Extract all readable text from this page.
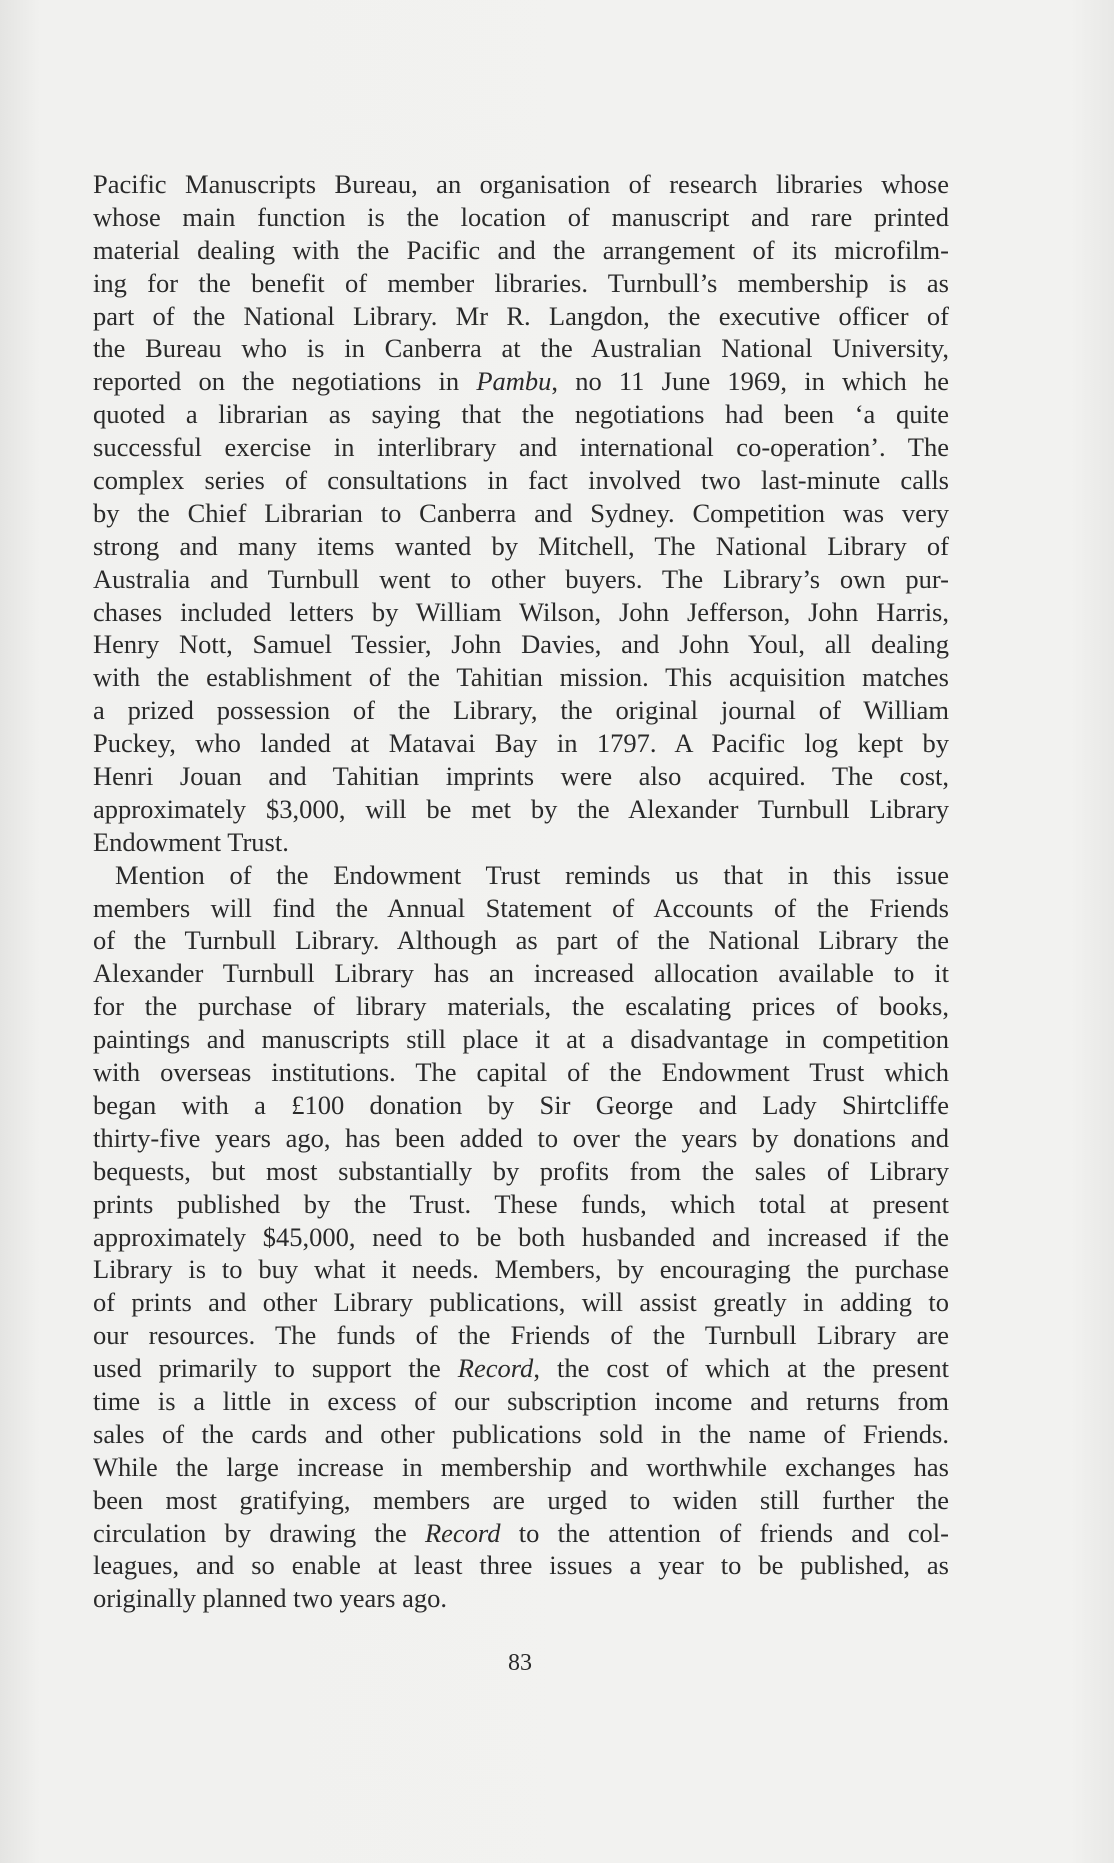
Pacific Manuscripts Bureau, an organisation of research libraries whose
whose main function is the location of manuscript and rare printed
material dealing with the Pacific and the arrangement of its microfilm-
ing for the benefit of member libraries. Turnbull’s membership is as
part of the National Library. Mr R. Langdon, the executive officer of
the Bureau who is in Canberra at the Australian National University,
reported on the negotiations in Pambu, no 11 June 1969, in which he
quoted a librarian as saying that the negotiations had been ‘a quite
successful exercise in interlibrary and international co-operation’. The
complex series of consultations in fact involved two last-minute calls
by the Chief Librarian to Canberra and Sydney. Competition was very
strong and many items wanted by Mitchell, The National Library of
Australia and Turnbull went to other buyers. The Library’s own pur-
chases included letters by William Wilson, John Jefferson, John Harris,
Henry Nott, Samuel Tessier, John Davies, and John Youl, all dealing
with the establishment of the Tahitian mission. This acquisition matches
a prized possession of the Library, the original journal of William
Puckey, who landed at Matavai Bay in 1797. A Pacific log kept by
Henri Jouan and Tahitian imprints were also acquired. The cost,
approximately $3,000, will be met by the Alexander Turnbull Library
Endowment Trust.
Mention of the Endowment Trust reminds us that in this issue
members will find the Annual Statement of Accounts of the Friends
of the Turnbull Library. Although as part of the National Library the
Alexander Turnbull Library has an increased allocation available to it
for the purchase of library materials, the escalating prices of books,
paintings and manuscripts still place it at a disadvantage in competition
with overseas institutions. The capital of the Endowment Trust which
began with a £100 donation by Sir George and Lady Shirtcliffe
thirty-five years ago, has been added to over the years by donations and
bequests, but most substantially by profits from the sales of Library
prints published by the Trust. These funds, which total at present
approximately $45,000, need to be both husbanded and increased if the
Library is to buy what it needs. Members, by encouraging the purchase
of prints and other Library publications, will assist greatly in adding to
our resources. The funds of the Friends of the Turnbull Library are
used primarily to support the Record, the cost of which at the present
time is a little in excess of our subscription income and returns from
sales of the cards and other publications sold in the name of Friends.
While the large increase in membership and worthwhile exchanges has
been most gratifying, members are urged to widen still further the
circulation by drawing the Record to the attention of friends and col-
leagues, and so enable at least three issues a year to be published, as
originally planned two years ago.
83
